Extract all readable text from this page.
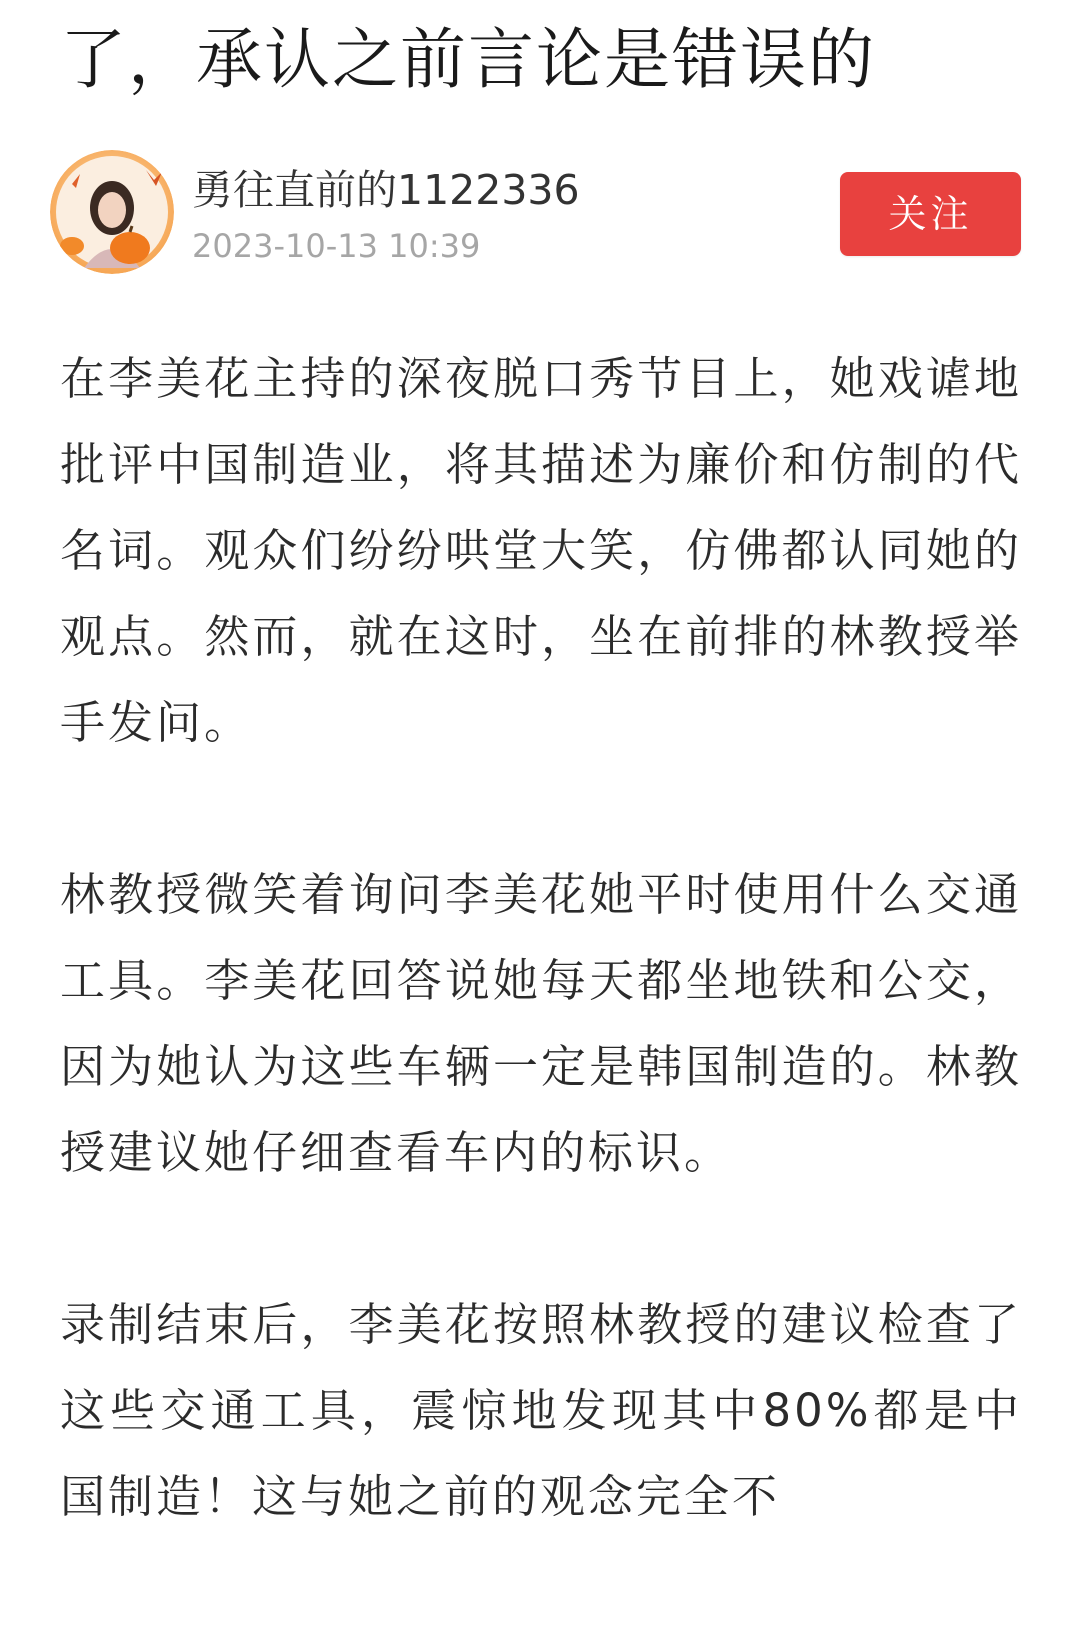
了，承认之前言论是错误的
勇往直前的1122336
2023-10-13 10:39
关注

在李美花主持的深夜脱口秀节目上，她戏谑地批评中国制造业，将其描述为廉价和仿制的代名词。观众们纷纷哄堂大笑，仿佛都认同她的观点。然而，就在这时，坐在前排的林教授举手发问。

林教授微笑着询问李美花她平时使用什么交通工具。李美花回答说她每天都坐地铁和公交，因为她认为这些车辆一定是韩国制造的。林教授建议她仔细查看车内的标识。

录制结束后，李美花按照林教授的建议检查了这些交通工具，震惊地发现其中80%都是中国制造！这与她之前的观念完全不
